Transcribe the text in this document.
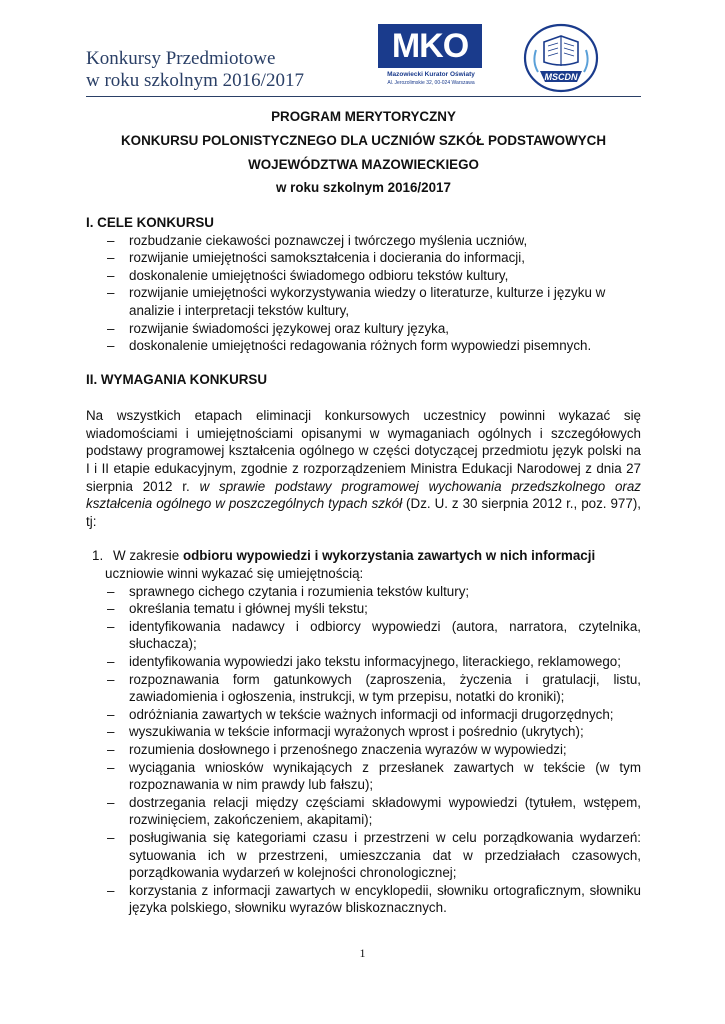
Konkursy Przedmiotowe
w roku szkolnym 2016/2017
MKO
Mazowiecki Kurator Oświaty
Al. Jerozolimskie 32, 00-024 Warszawa
MSCDN
PROGRAM MERYTORYCZNY
KONKURSU POLONISTYCZNEGO DLA UCZNIÓW SZKÓŁ PODSTAWOWYCH
WOJEWÓDZTWA MAZOWIECKIEGO
w roku szkolnym 2016/2017
I. CELE KONKURSU
– rozbudzanie ciekawości poznawczej i twórczego myślenia uczniów,
– rozwijanie umiejętności samokształcenia i docierania do informacji,
– doskonalenie umiejętności świadomego odbioru tekstów kultury,
– rozwijanie umiejętności wykorzystywania wiedzy o literaturze, kulturze i języku w analizie i interpretacji tekstów kultury,
– rozwijanie świadomości językowej oraz kultury języka,
– doskonalenie umiejętności redagowania różnych form wypowiedzi pisemnych.
II. WYMAGANIA KONKURSU
Na wszystkich etapach eliminacji konkursowych uczestnicy powinni wykazać się wiadomościami i umiejętnościami opisanymi w wymaganiach ogólnych i szczegółowych podstawy programowej kształcenia ogólnego w części dotyczącej przedmiotu język polski na I i II etapie edukacyjnym, zgodnie z rozporządzeniem Ministra Edukacji Narodowej z dnia 27 sierpnia 2012 r. w sprawie podstawy programowej wychowania przedszkolnego oraz kształcenia ogólnego w poszczególnych typach szkół (Dz. U. z 30 sierpnia 2012 r., poz. 977), tj:
1. W zakresie odbioru wypowiedzi i wykorzystania zawartych w nich informacji
uczniowie winni wykazać się umiejętnością:
– sprawnego cichego czytania i rozumienia tekstów kultury;
– określania tematu i głównej myśli tekstu;
– identyfikowania nadawcy i odbiorcy wypowiedzi (autora, narratora, czytelnika, słuchacza);
– identyfikowania wypowiedzi jako tekstu informacyjnego, literackiego, reklamowego;
– rozpoznawania form gatunkowych (zaproszenia, życzenia i gratulacji, listu, zawiadomienia i ogłoszenia, instrukcji, w tym przepisu, notatki do kroniki);
– odróżniania zawartych w tekście ważnych informacji od informacji drugorzędnych;
– wyszukiwania w tekście informacji wyrażonych wprost i pośrednio (ukrytych);
– rozumienia dosłownego i przenośnego znaczenia wyrazów w wypowiedzi;
– wyciągania wniosków wynikających z przesłanek zawartych w tekście (w tym rozpoznawania w nim prawdy lub fałszu);
– dostrzegania relacji między częściami składowymi wypowiedzi (tytułem, wstępem, rozwinięciem, zakończeniem, akapitami);
– posługiwania się kategoriami czasu i przestrzeni w celu porządkowania wydarzeń: sytuowania ich w przestrzeni, umieszczania dat w przedziałach czasowych, porządkowania wydarzeń w kolejności chronologicznej;
– korzystania z informacji zawartych w encyklopedii, słowniku ortograficznym, słowniku języka polskiego, słowniku wyrazów bliskoznacznych.
1
